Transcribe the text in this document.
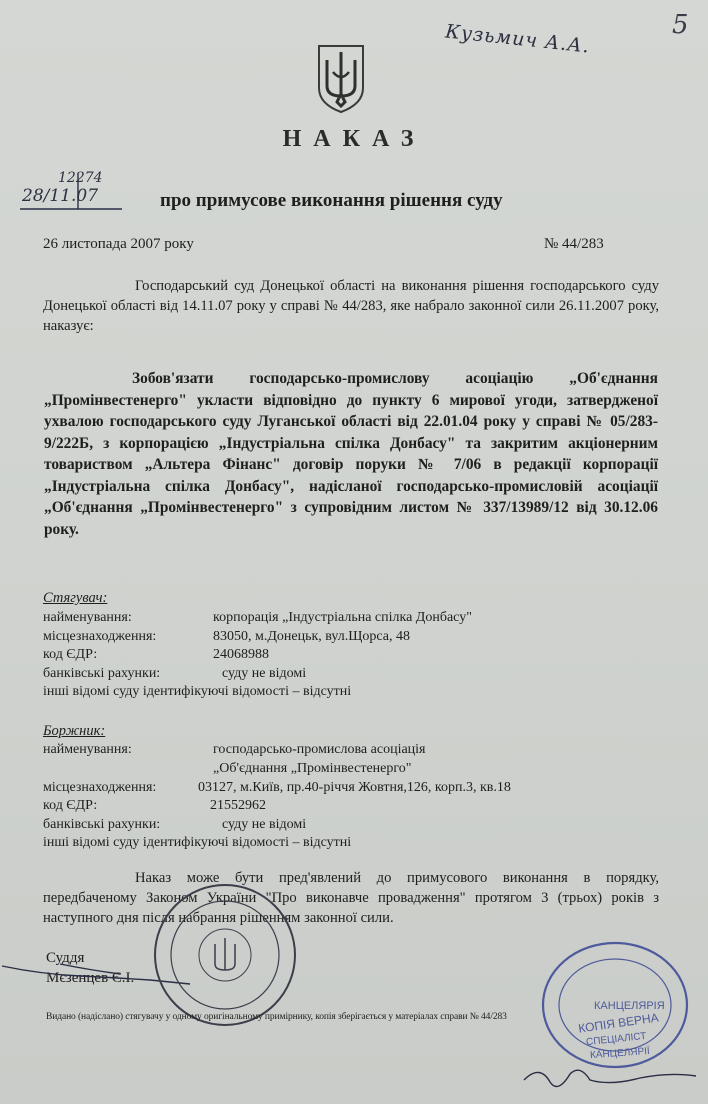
5
Кузьмич А.А.
НАКАЗ
12274
28/11.07	про примусове виконання рішення суду
26 листопада 2007 року	№ 44/283
Господарський суд Донецької області на виконання рішення господарського суду Донецької області від 14.11.07 року у справі № 44/283, яке набрало законної сили 26.11.2007 року, наказує:
Зобов'язати господарсько-промислову асоціацію „Об'єднання „Промінвестенерго" укласти відповідно до пункту 6 мирової угоди, затвердженої ухвалою господарського суду Луганської області від 22.01.04 року у справі № 05/283-9/222Б, з корпорацією „Індустріальна спілка Донбасу" та закритим акціонерним товариством „Альтера Фінанс" договір поруки № 7/06 в редакції корпорації „Індустріальна спілка Донбасу", надісланої господарсько-промисловій асоціації „Об'єднання „Промінвестенерго" з супровідним листом № 337/13989/12 від 30.12.06 року.
Стягувач:
найменування:	корпорація „Індустріальна спілка Донбасу"
місцезнаходження:	83050, м.Донецьк, вул.Щорса, 48
код ЄДР:	24068988
банківські рахунки:	суду не відомі
інші відомі суду ідентифікуючі відомості – відсутні
Боржник:
найменування:	господарсько-промислова асоціація
„Об'єднання „Промінвестенерго"
місцезнаходження:	03127, м.Київ, пр.40-річчя Жовтня,126, корп.3, кв.18
код ЄДР:	21552962
банківські рахунки:	суду не відомі
інші відомі суду ідентифікуючі відомості – відсутні
Наказ може бути пред'явлений до примусового виконання в порядку, передбаченому Законом України "Про виконавче провадження" протягом 3 (трьох) років з наступного дня після набрання рішенням законної сили.
Суддя
Мєзенцев Є.І.
КАНЦЕЛЯРІЯ
КОПІЯ ВЕРНА
СПЕЦІАЛІСТ
КАНЦЕЛЯРІЇ
Видано (надіслано) стягувачу у одному оригінальному примірнику, копія зберігається у матеріалах справи № 44/283
